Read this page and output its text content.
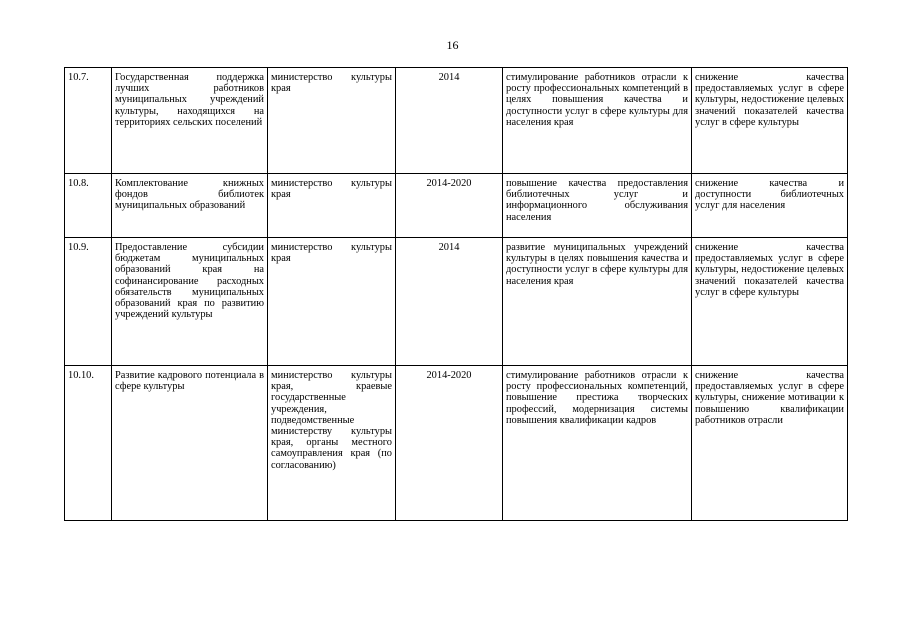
16
10.7.	Государственная поддержка лучших работников муниципальных учреждений культуры, находящихся на территориях сельских поселений	министерство культуры края	2014	стимулирование работников отрасли к росту профессиональных компетенций в целях повышения качества и доступности услуг в сфере культуры для населения края	снижение качества предоставляемых услуг в сфере культуры, недостижение целевых значений показателей качества услуг в сфере культуры
10.8.	Комплектование книжных фондов библиотек муниципальных образований	министерство культуры края	2014-2020	повышение качества предоставления библиотечных услуг и информационного обслуживания населения	снижение качества и доступности библиотечных услуг для населения
10.9.	Предоставление субсидии бюджетам муниципальных образований края на софинансирование расходных обязательств муниципальных образований края по развитию учреждений культуры	министерство культуры края	2014	развитие муниципальных учреждений культуры в целях повышения качества и доступности услуг в сфере культуры для населения края	снижение качества предоставляемых услуг в сфере культуры, недостижение целевых значений показателей качества услуг в сфере культуры
10.10.	Развитие кадрового потенциала в сфере культуры	министерство культуры края, краевые государственные учреждения, подведомственные министерству культуры края, органы местного самоуправления края (по согласованию)	2014-2020	стимулирование работников отрасли к росту профессиональных компетенций, повышение престижа творческих профессий, модернизация системы повышения квалификации кадров	снижение качества предоставляемых услуг в сфере культуры, снижение мотивации к повышению квалификации работников отрасли
